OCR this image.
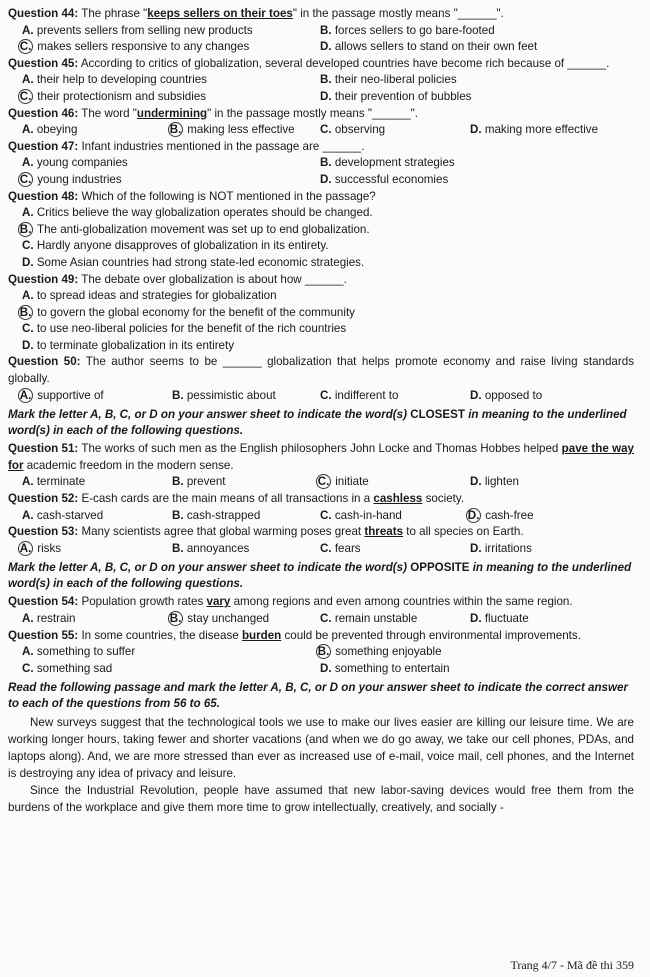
Question 44: The phrase "keeps sellers on their toes" in the passage mostly means "______".

A. prevents sellers from selling new products	B. forces sellers to go bare-footed
C. makes sellers responsive to any changes	D. allows sellers to stand on their own feet

Question 45: According to critics of globalization, several developed countries have become rich because of ______.

A. their help to developing countries	B. their neo-liberal policies
C. their protectionism and subsidies	D. their prevention of bubbles

Question 46: The word "undermining" in the passage mostly means "______".

A. obeying	B. making less effective	C. observing	D. making more effective

Question 47: Infant industries mentioned in the passage are ______.

A. young companies	B. development strategies
C. young industries	D. successful economies

Question 48: Which of the following is NOT mentioned in the passage?

A. Critics believe the way globalization operates should be changed.
B. The anti-globalization movement was set up to end globalization.
C. Hardly anyone disapproves of globalization in its entirety.
D. Some Asian countries had strong state-led economic strategies.

Question 49: The debate over globalization is about how ______.

A. to spread ideas and strategies for globalization
B. to govern the global economy for the benefit of the community
C. to use neo-liberal policies for the benefit of the rich countries
D. to terminate globalization in its entirety

Question 50: The author seems to be ______ globalization that helps promote economy and raise living standards globally.

A. supportive of	B. pessimistic about	C. indifferent to	D. opposed to

Mark the letter A, B, C, or D on your answer sheet to indicate the word(s) CLOSEST in meaning to the underlined word(s) in each of the following questions.

Question 51: The works of such men as the English philosophers John Locke and Thomas Hobbes helped pave the way for academic freedom in the modern sense.

A. terminate	B. prevent	C. initiate	D. lighten

Question 52: E-cash cards are the main means of all transactions in a cashless society.

A. cash-starved	B. cash-strapped	C. cash-in-hand	D. cash-free

Question 53: Many scientists agree that global warming poses great threats to all species on Earth.

A. risks	B. annoyances	C. fears	D. irritations

Mark the letter A, B, C, or D on your answer sheet to indicate the word(s) OPPOSITE in meaning to the underlined word(s) in each of the following questions.

Question 54: Population growth rates vary among regions and even among countries within the same region.

A. restrain	B. stay unchanged	C. remain unstable	D. fluctuate

Question 55: In some countries, the disease burden could be prevented through environmental improvements.

A. something to suffer	B. something enjoyable
C. something sad	D. something to entertain

Read the following passage and mark the letter A, B, C, or D on your answer sheet to indicate the correct answer to each of the questions from 56 to 65.

New surveys suggest that the technological tools we use to make our lives easier are killing our leisure time. We are working longer hours, taking fewer and shorter vacations (and when we do go away, we take our cell phones, PDAs, and laptops along). And, we are more stressed than ever as increased use of e-mail, voice mail, cell phones, and the Internet is destroying any idea of privacy and leisure.

Since the Industrial Revolution, people have assumed that new labor-saving devices would free them from the burdens of the workplace and give them more time to grow intellectually, creatively, and socially -

Trang 4/7 - Mã đề thi 359
